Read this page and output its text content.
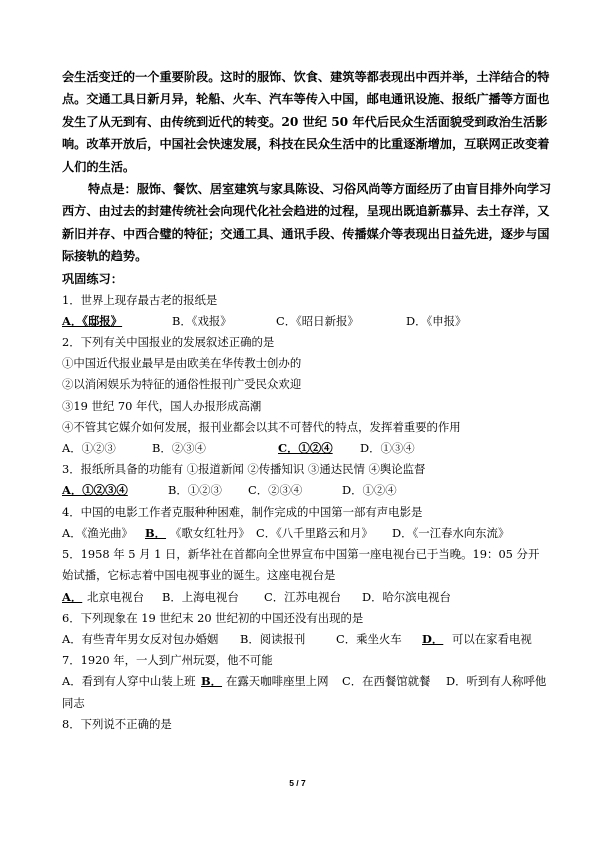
会生活变迁的一个重要阶段。这时的服饰、饮食、建筑等都表现出中西并举，土洋结合的特
点。交通工具日新月异，轮船、火车、汽车等传入中国，邮电通讯设施、报纸广播等方面也
发生了从无到有、由传统到近代的转变。20 世纪 50 年代后民众生活面貌受到政治生活影
响。改革开放后，中国社会快速发展，科技在民众生活中的比重逐渐增加，互联网正改变着
人们的生活。
特点是：服饰、餐饮、居室建筑与家具陈设、习俗风尚等方面经历了由盲目排外向学习
西方、由过去的封建传统社会向现代化社会趋进的过程，呈现出既追新慕异、去土存洋，又
新旧并存、中西合璧的特征；交通工具、通讯手段、传播媒介等表现出日益先进，逐步与国
际接轨的趋势。
巩固练习：
1．世界上现存最古老的报纸是
A．《邸报》	B．《戏报》	C．《昭日新报》	D．《申报》
2．下列有关中国报业的发展叙述正确的是
①中国近代报业最早是由欧美在华传教士创办的
②以消闲娱乐为特征的通俗性报刊广受民众欢迎
③19 世纪 70 年代，国人办报形成高潮
④不管其它媒介如何发展，报刊业都会以其不可替代的特点，发挥着重要的作用
A．①②③	B．②③④	C．①②④	D．①③④
3．报纸所具备的功能有 ①报道新闻 ②传播知识 ③通达民情 ④舆论监督
A．①②③④	B．①②③	C．②③④	D．①②④
4．中国的电影工作者克服种种困难，制作完成的中国第一部有声电影是
A．《渔光曲》	B． 《歌女红牡丹》 C．《八千里路云和月》	D．《一江春水向东流》
5．1958 年 5 月 1 日，新华社在首都向全世界宣布中国第一座电视台已于当晚。19：05 分开
始试播，它标志着中国电视事业的诞生。这座电视台是
A． 北京电视台	B．上海电视台	C．江苏电视台	D．哈尔滨电视台
6．下列现象在 19 世纪末 20 世纪初的中国还没有出现的是
A．有些青年男女反对包办婚姻	B．阅读报刊	C．乘坐火车	D． 可以在家看电视
7．1920 年，一人到广州玩耍，他不可能
A．看到有人穿中山装上班 B． 在露天咖啡座里上网	C．在西餐馆就餐	D．听到有人称呼他
同志
8．下列说不正确的是
5 / 7
